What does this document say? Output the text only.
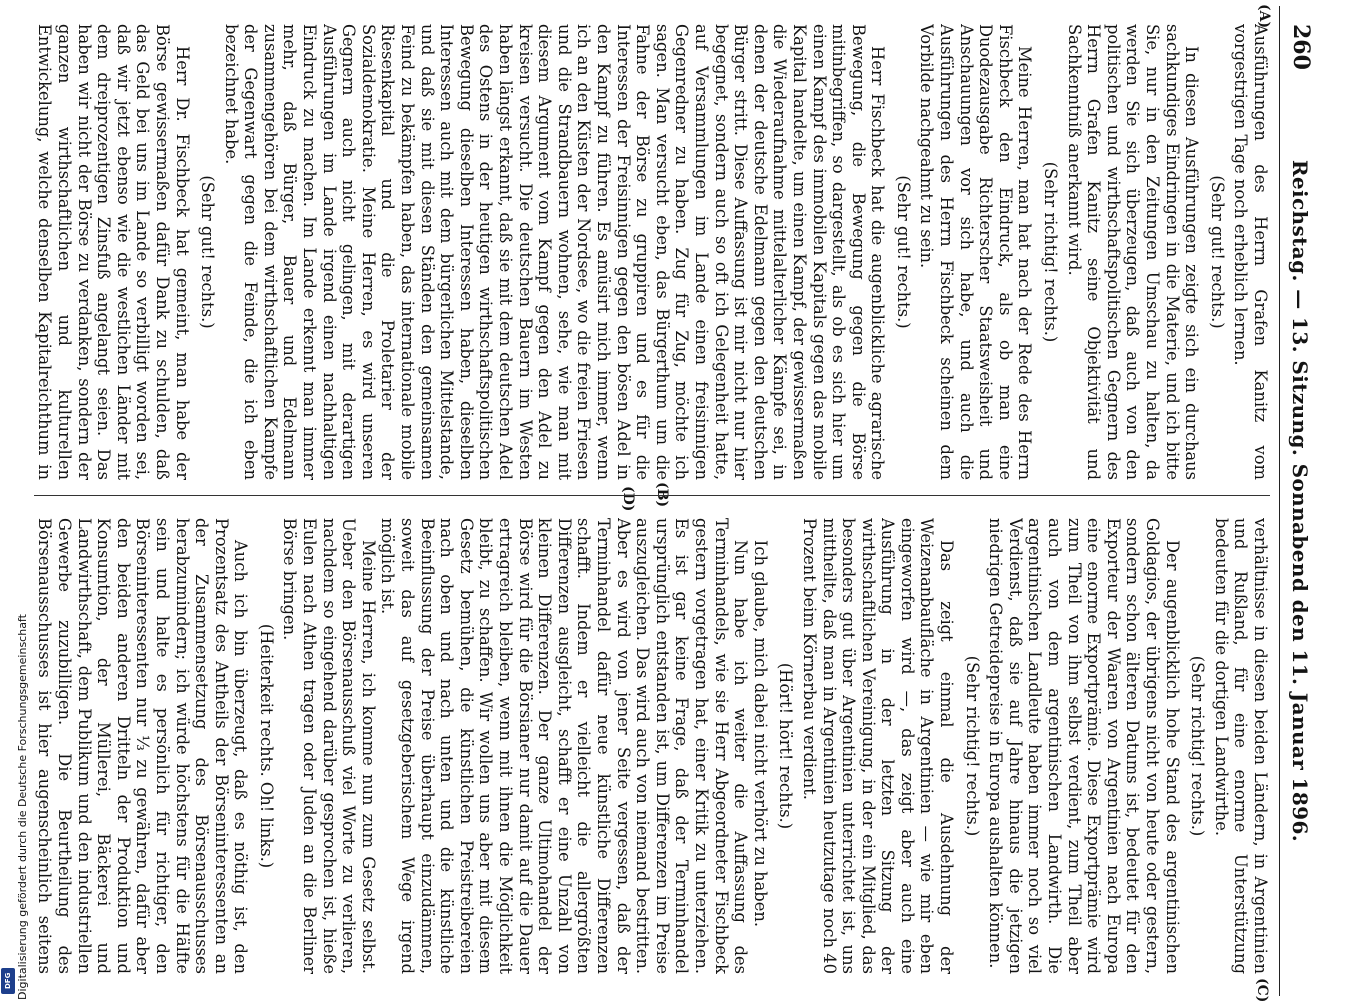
260
Reichstag. — 13. Sitzung. Sonnabend den 11. Januar 1896.
(A)
(B)
(C)
(D)

Ausführungen des Herrn Grafen Kanitz vom vorgestrigen Tage noch erheblich lernen.

(Sehr gut! rechts.)

In diesen Ausführungen zeigte sich ein durchaus sachkundiges Eindringen in die Materie, und ich bitte Sie, nur in den Zeitungen Umschau zu halten, da werden Sie sich überzeugen, daß auch von den politischen und wirthschaftspolitischen Gegnern des Herrn Grafen Kanitz seine Objektivität und Sachkenntniß anerkannt wird.

(Sehr richtig! rechts.)

Meine Herren, man hat nach der Rede des Herrn Fischbeck den Eindruck, als ob man eine Duodezausgabe Richterscher Staatsweisheit und Anschauungen vor sich habe, und auch die Ausführungen des Herrn Fischbeck scheinen dem Vorbilde nachgeahmt zu sein.

(Sehr gut! rechts.)

Herr Fischbeck hat die augenblickliche agrarische Bewegung, die Bewegung gegen die Börse mitinbegriffen, so dargestellt, als ob es sich hier um einen Kampf des immobilen Kapitals gegen das mobile Kapital handelte, um einen Kampf, der gewissermaßen die Wiederaufnahme mittelalterlicher Kämpfe sei, in denen der deutsche Edelmann gegen den deutschen Bürger stritt. Diese Auffassung ist mir nicht nur hier begegnet, sondern auch so oft ich Gelegenheit hatte, auf Versammlungen im Lande einen freisinnigen Gegenredner zu haben. Zug für Zug, möchte ich sagen. Man versucht eben, das Bürgerthum um die Fahne der Börse zu gruppiren und es für die Interessen der Freisinnigen gegen den bösen Adel in den Kampf zu führen. Es amüsirt mich immer, wenn ich an den Küsten der Nordsee, wo die freien Friesen und die Strandbauern wohnen, sehe, wie man mit diesem Argument vom Kampf gegen den Adel zu kreisen versucht. Die deutschen Bauern im Westen haben längst erkannt, daß sie mit dem deutschen Adel des Ostens in der heutigen wirthschaftspolitischen Bewegung dieselben Interessen haben, dieselben Interessen auch mit dem bürgerlichen Mittelstande, und daß sie mit diesen Ständen den gemeinsamen Feind zu bekämpfen haben, das internationale mobile Riesenkapital und die Proletarier der Sozialdemokratie. Meine Herren, es wird unseren Gegnern auch nicht gelingen, mit derartigen Ausführungen im Lande irgend einen nachhaltigen Eindruck zu machen. Im Lande erkennt man immer mehr, daß Bürger, Bauer und Edelmann zusammengehören bei dem wirthschaftlichen Kampfe der Gegenwart gegen die Feinde, die ich eben bezeichnet habe.

(Sehr gut! rechts.)

Herr Dr. Fischbeck hat gemeint, man habe der Börse gewissermaßen dafür Dank zu schulden, daß das Geld bei uns im Lande so verbilligt worden sei, daß wir jetzt ebenso wie die westlichen Länder mit dem dreiprozentigen Zinsfuß angelangt seien. Das haben wir nicht der Börse zu verdanken, sondern der ganzen wirthschaftlichen und kulturellen Entwickelung, welche denselben Kapitalreichthum in

verhältnisse in diesen beiden Ländern, in Argentinien und Rußland, für eine enorme Unterstützung bedeuten für die dortigen Landwirthe.

(Sehr richtig! rechts.)

Der augenblicklich hohe Stand des argentinischen Goldagios, der übrigens nicht von heute oder gestern, sondern schon älteren Datums ist, bedeutet für den Exporteur der Waaren von Argentinien nach Europa eine enorme Exportprämie. Diese Exportprämie wird zum Theil von ihm selbst verdient, zum Theil aber auch von dem argentinischen Landwirth. Die argentinischen Landleute haben immer noch so viel Verdienst, daß sie auf Jahre hinaus die jetzigen niedrigen Getreidepreise in Europa aushalten können.

(Sehr richtig! rechts.)

Das zeigt einmal die Ausdehnung der Weizenanbaufläche in Argentinien — wie mir eben eingeworfen wird —, das zeigt aber auch eine Ausführung in der letzten Sitzung der wirthschaftlichen Vereinigung, in der ein Mitglied, das besonders gut über Argentinien unterrichtet ist, uns mittheilte, daß man in Argentinien heutzutage noch 40 Prozent beim Körnerbau verdient.

(Hört! hört! rechts.)

Ich glaube, mich dabei nicht verhört zu haben.

Nun habe ich weiter die Auffassung des Terminhandels, wie sie Herr Abgeordneter Fischbeck gestern vorgetragen hat, einer Kritik zu unterziehen. Es ist gar keine Frage, daß der Terminhandel ursprünglich entstanden ist, um Differenzen im Preise auszugleichen. Das wird auch von niemand bestritten. Aber es wird von jener Seite vergessen, daß der Terminhandel dafür neue künstliche Differenzen schafft. Indem er vielleicht die allergrößten Differenzen ausgleicht, schafft er eine Unzahl von kleinen Differenzen. Der ganze Ultimohandel der Börse wird für die Börsianer nur damit auf die Dauer ertragreich bleiben, wenn mit ihnen die Möglichkeit bleibt, zu schaffen. Wir wollen uns aber mit diesem Gesetz bemühen, die künstlichen Preistreibereien nach oben und nach unten und die künstliche Beeinflussung der Preise überhaupt einzudämmen, soweit das auf gesetzgeberischem Wege irgend möglich ist.

Meine Herren, ich komme nun zum Gesetz selbst. Ueber den Börsenausschuß viel Worte zu verlieren, nachdem so eingehend darüber gesprochen ist, hieße Eulen nach Athen tragen oder Juden an die Berliner Börse bringen.

(Heiterkeit rechts. Oh! links.)

Auch ich bin überzeugt, daß es nöthig ist, den Prozentsatz des Antheils der Börseninteressenten an der Zusammensetzung des Börsenausschusses herabzumindern; ich würde höchstens für die Hälfte sein und halte es persönlich für richtiger, den Börseninteressenten nur ⅓ zu gewähren, dafür aber den beiden anderen Dritteln der Produktion und Konsumtion, der Müllerei, Bäckerei und Landwirthschaft, dem Publikum und den industriellen Gewerbe zuzubilligen. Die Beurtheilung des Börsenausschusses ist hier augenscheinlich seitens

Digitalisierung gefördert durch die Deutsche Forschungsgemeinschaft
DFG
